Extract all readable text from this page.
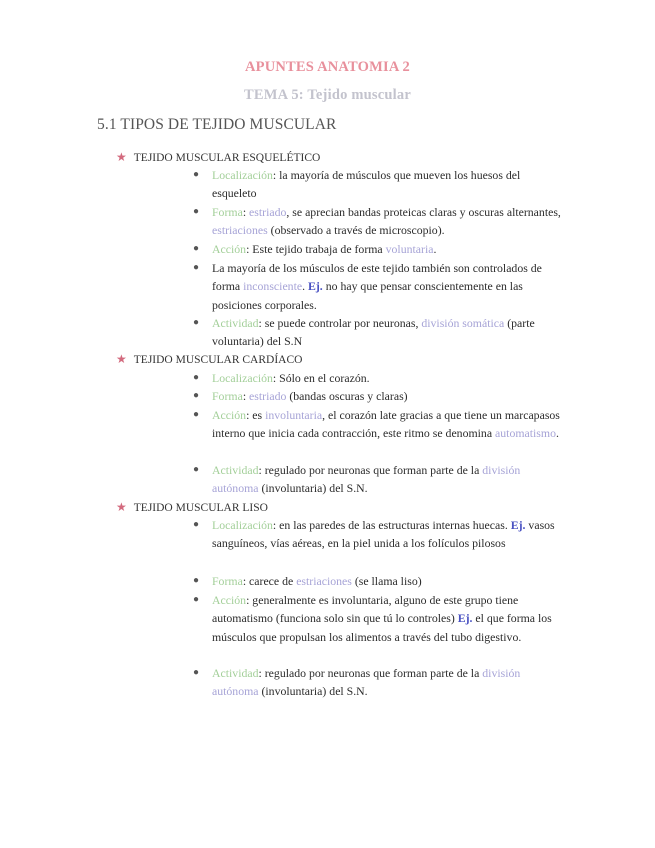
APUNTES ANATOMIA 2
TEMA 5: Tejido muscular
5.1 TIPOS DE TEJIDO MUSCULAR
★ TEJIDO MUSCULAR ESQUELÉTICO
● Localización: la mayoría de músculos que mueven los huesos del esqueleto
● Forma: estriado, se aprecian bandas proteicas claras y oscuras alternantes, estriaciones (observado a través de microscopio).
● Acción: Este tejido trabaja de forma voluntaria.
● La mayoría de los músculos de este tejido también son controlados de forma inconsciente. Ej. no hay que pensar conscientemente en las posiciones corporales.
● Actividad: se puede controlar por neuronas, división somática (parte voluntaria) del S.N
★ TEJIDO MUSCULAR CARDÍACO
● Localización: Sólo en el corazón.
● Forma: estriado (bandas oscuras y claras)
● Acción: es involuntaria, el corazón late gracias a que tiene un marcapasos interno que inicia cada contracción, este ritmo se denomina automatismo.
● Actividad: regulado por neuronas que forman parte de la división autónoma (involuntaria) del S.N.
★ TEJIDO MUSCULAR LISO
● Localización: en las paredes de las estructuras internas huecas. Ej. vasos sanguíneos, vías aéreas, en la piel unida a los folículos pilosos
● Forma: carece de estriaciones (se llama liso)
● Acción: generalmente es involuntaria, alguno de este grupo tiene automatismo (funciona solo sin que tú lo controles) Ej. el que forma los músculos que propulsan los alimentos a través del tubo digestivo.
● Actividad: regulado por neuronas que forman parte de la división autónoma (involuntaria) del S.N.
